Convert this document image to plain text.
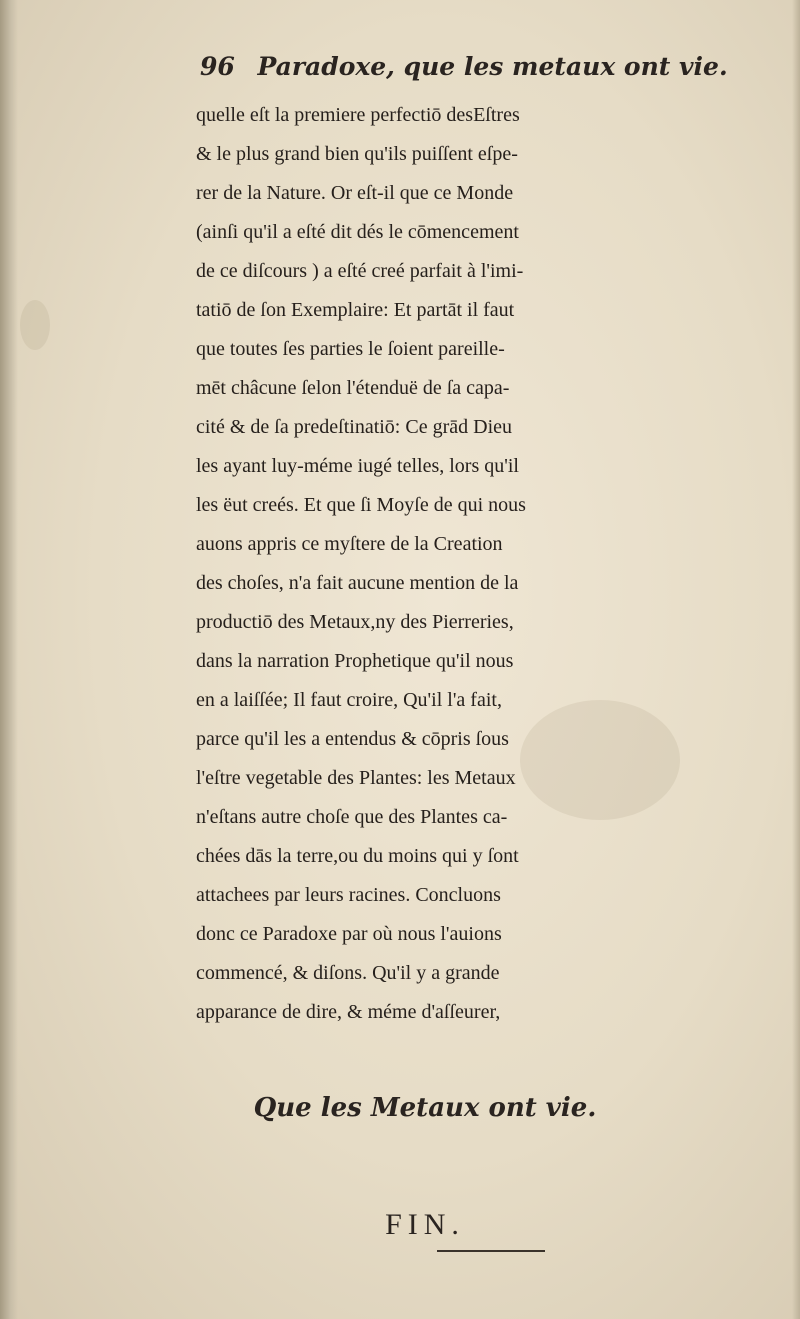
96 Paradoxe, que les metaux ont vie.
quelle eſt la premiere perfectiō desEſtres
& le plus grand bien qu'ils puiſſent eſpe-
rer de la Nature. Or eſt-il que ce Monde
(ainſi qu'il a eſté dit dés le cōmencement
de ce diſcours ) a eſté creé parfait à l'imi-
tatiō de ſon Exemplaire: Et partāt il faut
que toutes ſes parties le ſoient pareille-
mēt châcune ſelon l'étenduë de ſa capa-
cité & de ſa predeſtinatiō: Ce grād Dieu
les ayant luy-méme iugé telles, lors qu'il
les ëut creés. Et que ſi Moyſe de qui nous
auons appris ce myſtere de la Creation
des choſes, n'a fait aucune mention de la
productiō des Metaux,ny des Pierreries,
dans la narration Prophetique qu'il nous
en a laiſſée; Il faut croire, Qu'il l'a fait,
parce qu'il les a entendus & cōpris ſous
l'eſtre vegetable des Plantes: les Metaux
n'eſtans autre choſe que des Plantes ca-
chées dās la terre,ou du moins qui y ſont
attachees par leurs racines. Concluons
donc ce Paradoxe par où nous l'auions
commencé, & diſons. Qu'il y a grande
apparance de dire, & méme d'aſſeurer,
Que les Metaux ont vie.
FIN.
